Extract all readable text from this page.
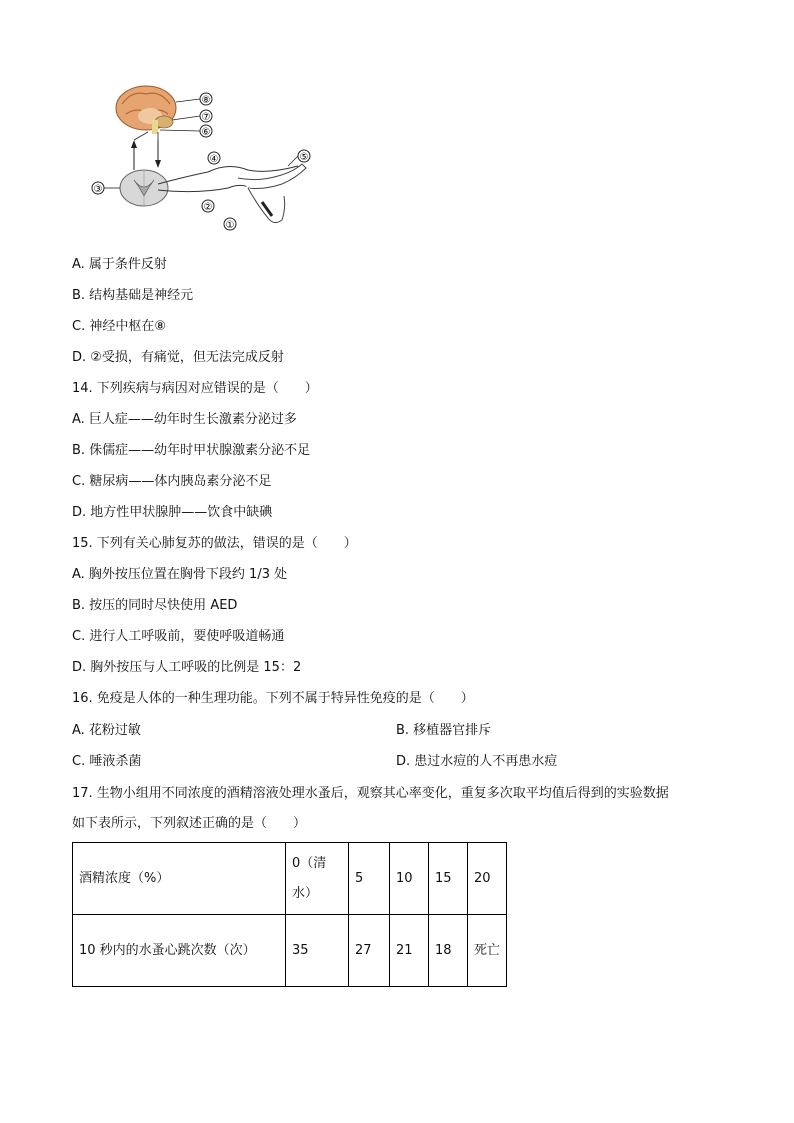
⑧
⑦
⑥
④	⑤
③
②
①
A. 属于条件反射
B. 结构基础是神经元
C. 神经中枢在⑧
D. ②受损，有痛觉，但无法完成反射
14. 下列疾病与病因对应错误的是（　　）
A. 巨人症——幼年时生长激素分泌过多
B. 侏儒症——幼年时甲状腺激素分泌不足
C. 糖尿病——体内胰岛素分泌不足
D. 地方性甲状腺肿——饮食中缺碘
15. 下列有关心肺复苏的做法，错误的是（　　）
A. 胸外按压位置在胸骨下段约 1/3 处
B. 按压的同时尽快使用 AED
C. 进行人工呼吸前，要使呼吸道畅通
D. 胸外按压与人工呼吸的比例是 15：2
16. 免疫是人体的一种生理功能。下列不属于特异性免疫的是（　　）
A. 花粉过敏	B. 移植器官排斥
C. 唾液杀菌	D. 患过水痘的人不再患水痘
17. 生物小组用不同浓度的酒精溶液处理水蚤后，观察其心率变化，重复多次取平均值后得到的实验数据
如下表所示，下列叙述正确的是（　　）
酒精浓度（%）	0（清水）	5	10	15	20
10 秒内的水蚤心跳次数（次）	35	27	21	18	死亡
